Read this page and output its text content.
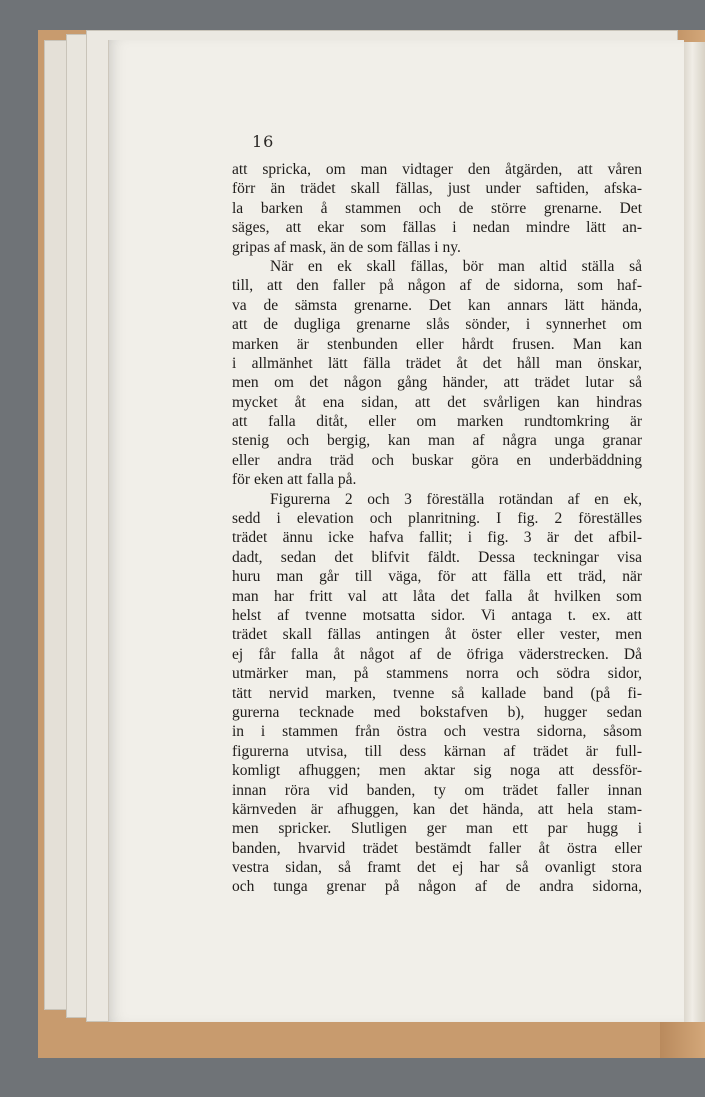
16
att spricka, om man vidtager den åtgärden, att våren
förr än trädet skall fällas, just under saftiden, afska-
la barken å stammen och de större grenarne. Det
säges, att ekar som fällas i nedan mindre lätt an-
gripas af mask, än de som fällas i ny.
När en ek skall fällas, bör man altid ställa så
till, att den faller på någon af de sidorna, som haf-
va de sämsta grenarne. Det kan annars lätt hända,
att de dugliga grenarne slås sönder, i synnerhet om
marken är stenbunden eller hårdt frusen. Man kan
i allmänhet lätt fälla trädet åt det håll man önskar,
men om det någon gång händer, att trädet lutar så
mycket åt ena sidan, att det svårligen kan hindras
att falla ditåt, eller om marken rundtomkring är
stenig och bergig, kan man af några unga granar
eller andra träd och buskar göra en underbäddning
för eken att falla på.
Figurerna 2 och 3 föreställa rotändan af en ek,
sedd i elevation och planritning. I fig. 2 föreställes
trädet ännu icke hafva fallit; i fig. 3 är det afbil-
dadt, sedan det blifvit fäldt. Dessa teckningar visa
huru man går till väga, för att fälla ett träd, när
man har fritt val att låta det falla åt hvilken som
helst af tvenne motsatta sidor. Vi antaga t. ex. att
trädet skall fällas antingen åt öster eller vester, men
ej får falla åt något af de öfriga väderstrecken. Då
utmärker man, på stammens norra och södra sidor,
tätt nervid marken, tvenne så kallade band (på fi-
gurerna tecknade med bokstafven b), hugger sedan
in i stammen från östra och vestra sidorna, såsom
figurerna utvisa, till dess kärnan af trädet är full-
komligt afhuggen; men aktar sig noga att dessför-
innan röra vid banden, ty om trädet faller innan
kärnveden är afhuggen, kan det hända, att hela stam-
men spricker. Slutligen ger man ett par hugg i
banden, hvarvid trädet bestämdt faller åt östra eller
vestra sidan, så framt det ej har så ovanligt stora
och tunga grenar på någon af de andra sidorna,
